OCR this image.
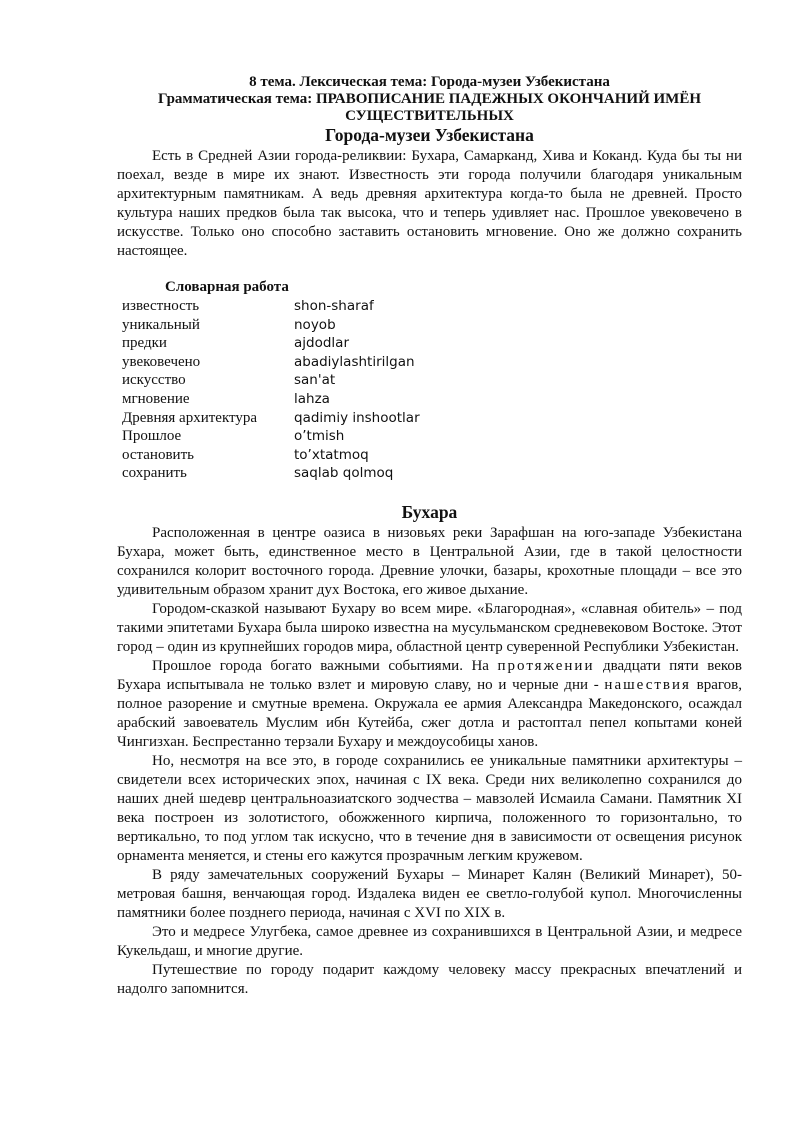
8 тема. Лексическая тема: Города-музеи Узбекистана
Грамматическая тема: ПРАВОПИСАНИЕ ПАДЕЖНЫХ ОКОНЧАНИЙ ИМЁН
СУЩЕСТВИТЕЛЬНЫХ
Города-музеи Узбекистана

Есть в Средней Азии города-реликвии: Бухара, Самарканд, Хива и Коканд. Куда бы ты ни поехал, везде в мире их знают. Известность эти города получили благодаря уникальным архитектурным памятникам. А ведь древняя архитектура когда-то была не древней. Просто культура наших предков была так высока, что и теперь удивляет нас. Прошлое увековечено в искусстве. Только оно способно заставить остановить мгновение. Оно же должно сохранить настоящее.

Словарная работа
известность	shon-sharaf
уникальный	noyob
предки	ajdodlar
увековечено	abadiylashtirilgan
искусство	san'at
мгновение	lahza
Древняя архитектура	qadimiy inshootlar
Прошлое	o’tmish
остановить	to’xtatmoq
сохранить	saqlab qolmoq
Бухара

Расположенная в центре оазиса в низовьях реки Зарафшан на юго-западе Узбекистана Бухара, может быть, единственное место в Центральной Азии, где в такой целостности сохранился колорит восточного города. Древние улочки, базары, крохотные площади – все это удивительным образом хранит дух Востока, его живое дыхание.

Городом-сказкой называют Бухару во всем мире. «Благородная», «славная обитель» – под такими эпитетами Бухара была широко известна на мусульманском средневековом Востоке. Этот город – один из крупнейших городов мира, областной центр суверенной Республики Узбекистан.

Прошлое города богато важными событиями. На протяжении двадцати пяти веков Бухара испытывала не только взлет и мировую славу, но и черные дни - нашествия врагов, полное разорение и смутные времена. Окружала ее армия Александра Македонского, осаждал арабский завоеватель Муслим ибн Кутейба, сжег дотла и растоптал пепел копытами коней Чингизхан. Беспрестанно терзали Бухару и междоусобицы ханов.

Но, несмотря на все это, в городе сохранились ее уникальные памятники архитектуры – свидетели всех исторических эпох, начиная с IX века. Среди них великолепно сохранился до наших дней шедевр центральноазиатского зодчества – мавзолей Исмаила Самани. Памятник XI века построен из золотистого, обожженного кирпича, положенного то горизонтально, то вертикально, то под углом так искусно, что в течение дня в зависимости от освещения рисунок орнамента меняется, и стены его кажутся прозрачным легким кружевом.

В ряду замечательных сооружений Бухары – Минарет Калян (Великий Минарет), 50-метровая башня, венчающая город. Издалека виден ее светло-голубой купол. Многочисленны памятники более позднего периода, начиная с XVI по XIX в.

Это и медресе Улугбека, самое древнее из сохранившихся в Центральной Азии, и медресе Кукельдаш, и многие другие.

Путешествие по городу подарит каждому человеку массу прекрасных впечатлений и надолго запомнится.
